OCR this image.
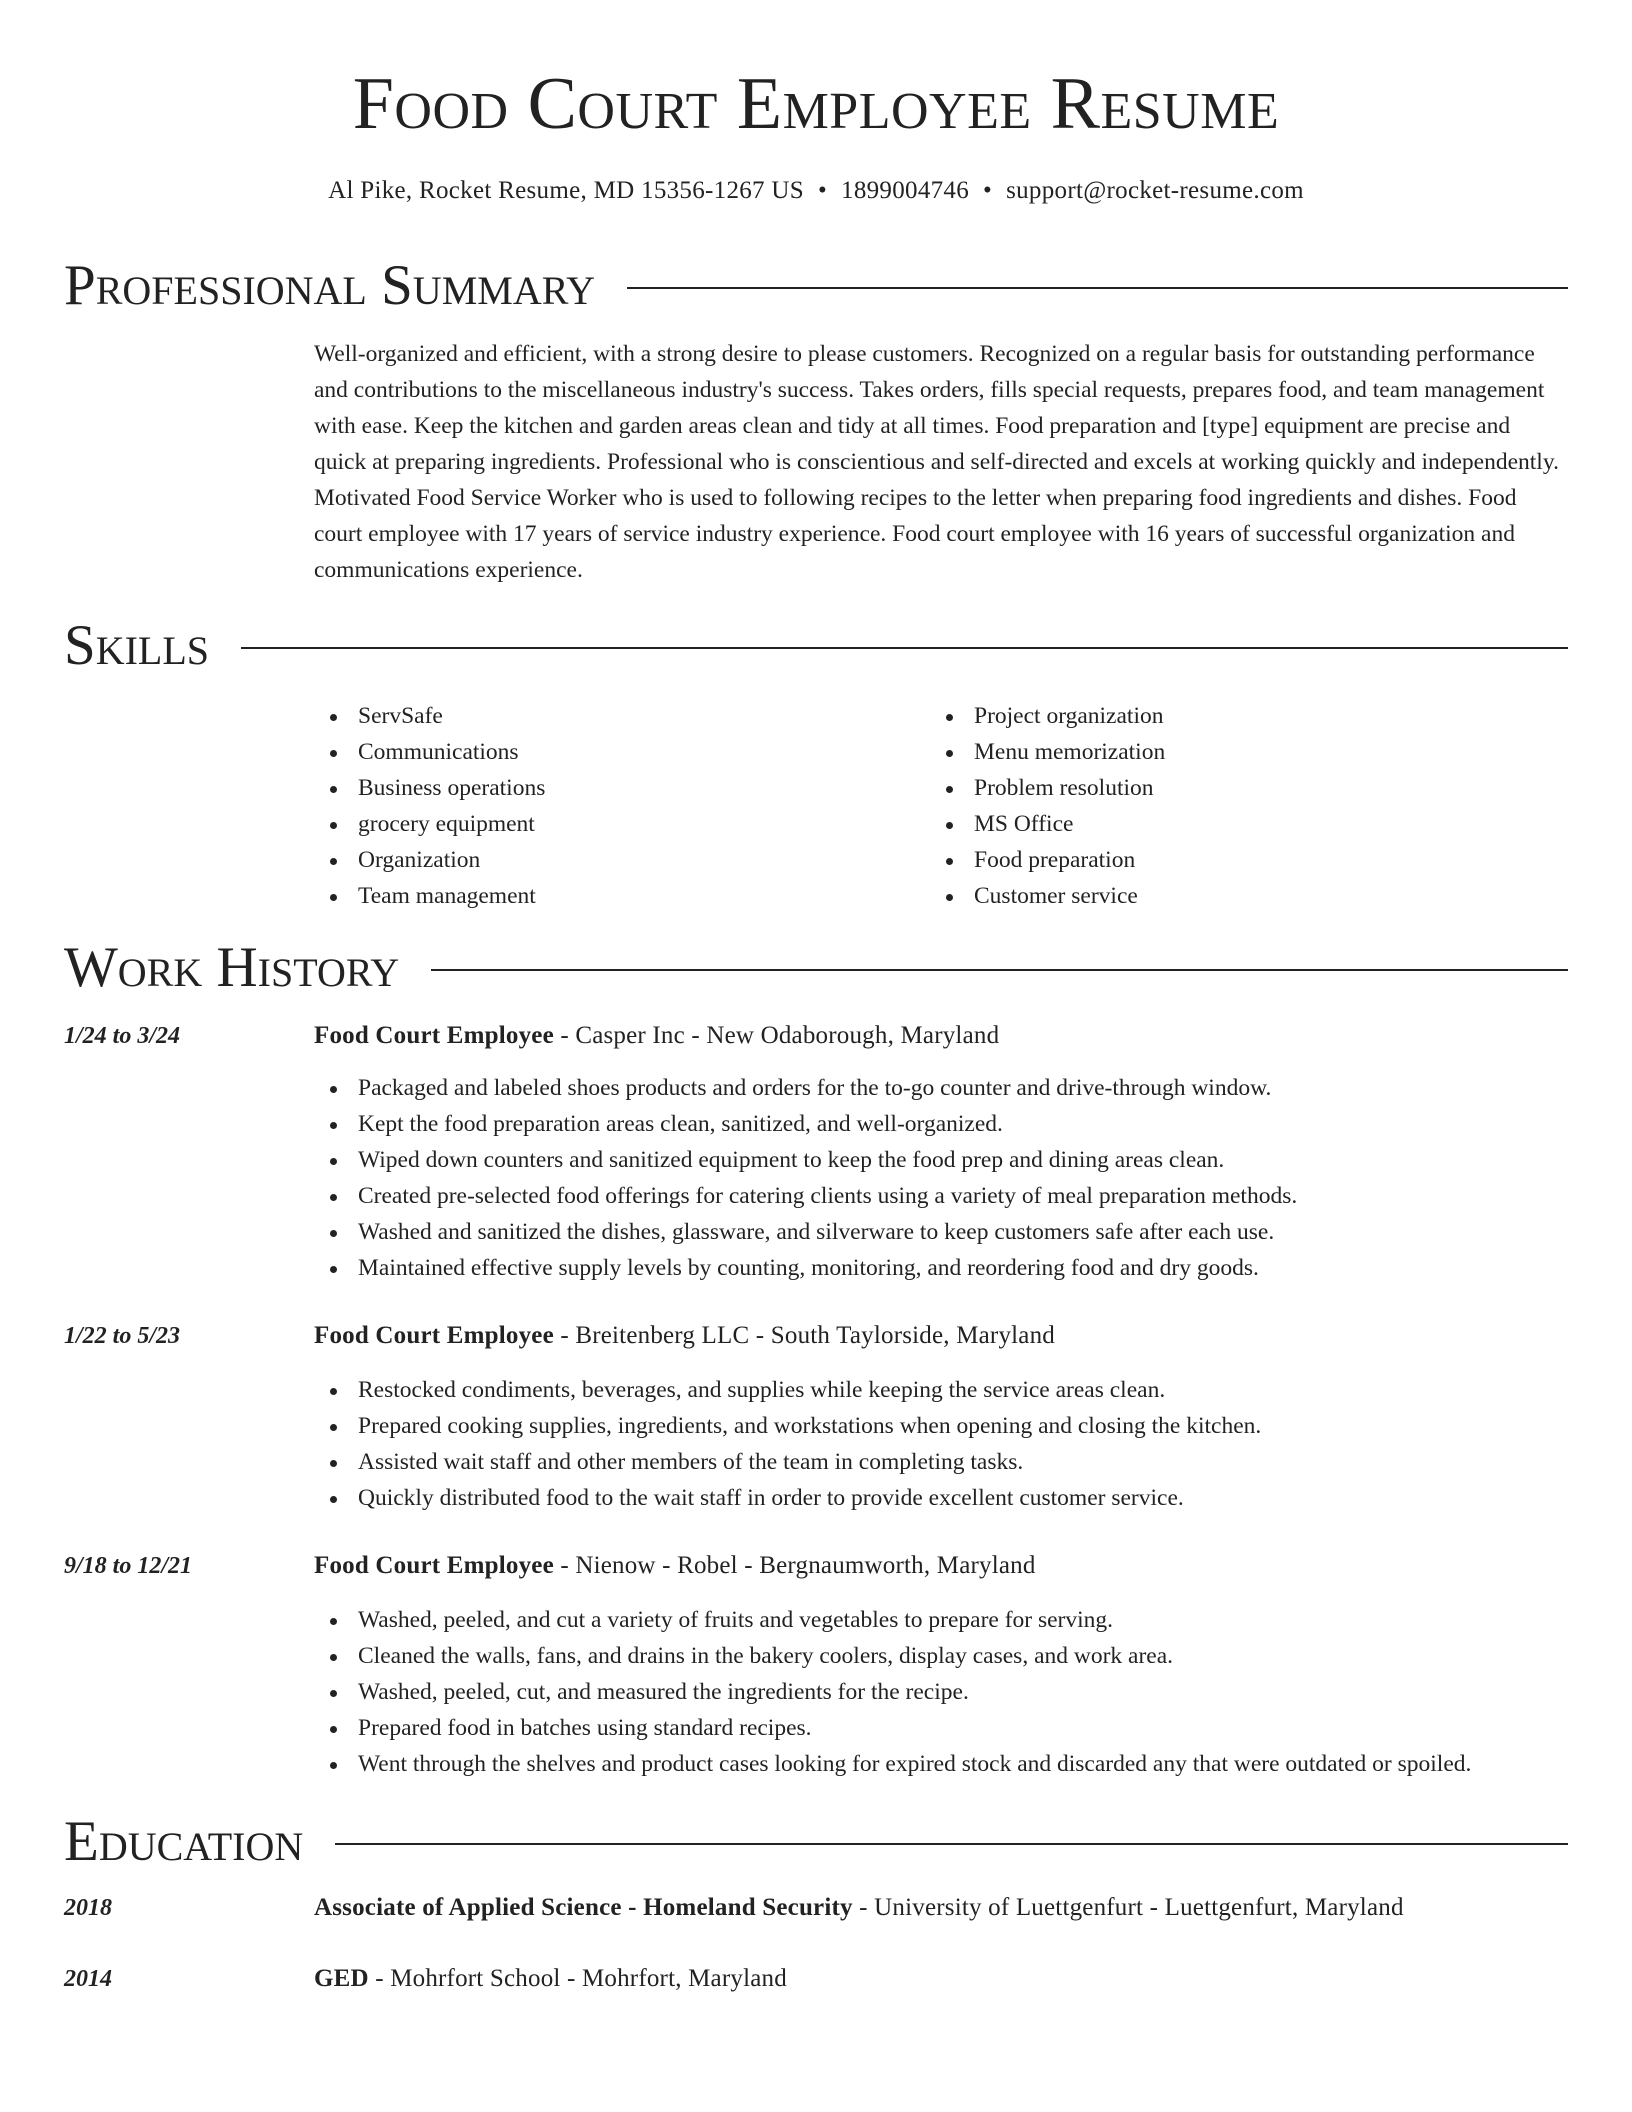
Food Court Employee Resume
Al Pike, Rocket Resume, MD 15356-1267 US • 1899004746 • support@rocket-resume.com
Professional Summary

Well-organized and efficient, with a strong desire to please customers. Recognized on a regular basis for outstanding performance and contributions to the miscellaneous industry's success. Takes orders, fills special requests, prepares food, and team management with ease. Keep the kitchen and garden areas clean and tidy at all times. Food preparation and [type] equipment are precise and quick at preparing ingredients. Professional who is conscientious and self-directed and excels at working quickly and independently. Motivated Food Service Worker who is used to following recipes to the letter when preparing food ingredients and dishes. Food court employee with 17 years of service industry experience. Food court employee with 16 years of successful organization and communications experience.

Skills
ServSafe
Communications
Business operations
grocery equipment
Organization
Team management
Project organization
Menu memorization
Problem resolution
MS Office
Food preparation
Customer service
Work History
1/24 to 3/24	Food Court Employee - Casper Inc - New Odaborough, Maryland
Packaged and labeled shoes products and orders for the to-go counter and drive-through window.
Kept the food preparation areas clean, sanitized, and well-organized.
Wiped down counters and sanitized equipment to keep the food prep and dining areas clean.
Created pre-selected food offerings for catering clients using a variety of meal preparation methods.
Washed and sanitized the dishes, glassware, and silverware to keep customers safe after each use.
Maintained effective supply levels by counting, monitoring, and reordering food and dry goods.
1/22 to 5/23	Food Court Employee - Breitenberg LLC - South Taylorside, Maryland
Restocked condiments, beverages, and supplies while keeping the service areas clean.
Prepared cooking supplies, ingredients, and workstations when opening and closing the kitchen.
Assisted wait staff and other members of the team in completing tasks.
Quickly distributed food to the wait staff in order to provide excellent customer service.
9/18 to 12/21	Food Court Employee - Nienow - Robel - Bergnaumworth, Maryland
Washed, peeled, and cut a variety of fruits and vegetables to prepare for serving.
Cleaned the walls, fans, and drains in the bakery coolers, display cases, and work area.
Washed, peeled, cut, and measured the ingredients for the recipe.
Prepared food in batches using standard recipes.
Went through the shelves and product cases looking for expired stock and discarded any that were outdated or spoiled.
Education
2018	Associate of Applied Science - Homeland Security - University of Luettgenfurt - Luettgenfurt, Maryland
2014	GED - Mohrfort School - Mohrfort, Maryland
